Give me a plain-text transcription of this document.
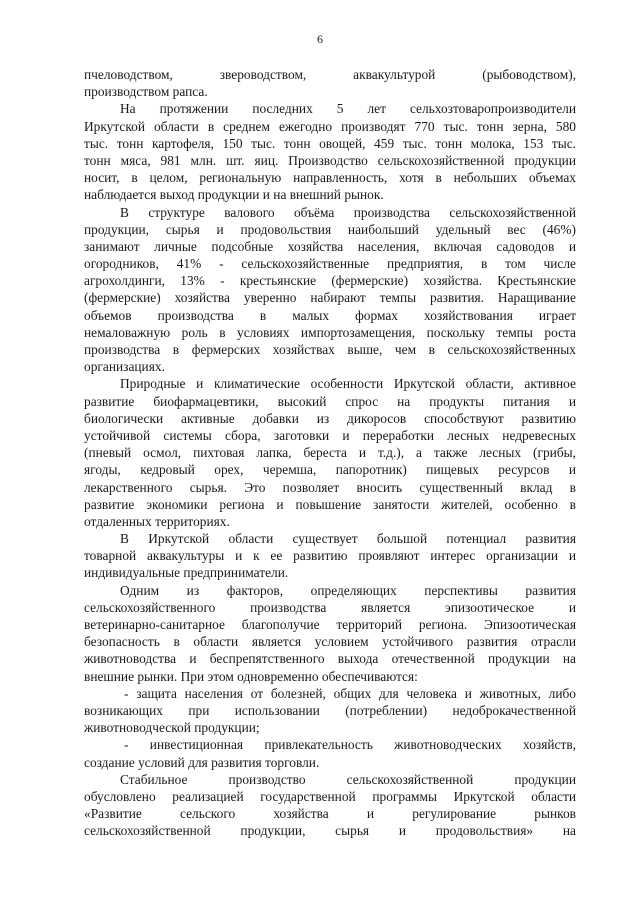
6
пчеловодством, звероводством, аквакультурой (рыбоводством),
производством рапса.
На протяжении последних 5 лет сельхозтоваропроизводители
Иркутской области в среднем ежегодно производят 770 тыс. тонн зерна, 580
тыс. тонн картофеля, 150 тыс. тонн овощей, 459 тыс. тонн молока, 153 тыс.
тонн мяса, 981 млн. шт. яиц. Производство сельскохозяйственной продукции
носит, в целом, региональную направленность, хотя в небольших объемах
наблюдается выход продукции и на внешний рынок.
В структуре валового объёма производства сельскохозяйственной
продукции, сырья и продовольствия наибольший удельный вес (46%)
занимают личные подсобные хозяйства населения, включая садоводов и
огородников, 41% - сельскохозяйственные предприятия, в том числе
агрохолдинги, 13% - крестьянские (фермерские) хозяйства. Крестьянские
(фермерские) хозяйства уверенно набирают темпы развития. Наращивание
объемов производства в малых формах хозяйствования играет
немаловажную роль в условиях импортозамещения, поскольку темпы роста
производства в фермерских хозяйствах выше, чем в сельскохозяйственных
организациях.
Природные и климатические особенности Иркутской области, активное
развитие биофармацевтики, высокий спрос на продукты питания и
биологически активные добавки из дикоросов способствуют развитию
устойчивой системы сбора, заготовки и переработки лесных недревесных
(пневый осмол, пихтовая лапка, береста и т.д.), а также лесных (грибы,
ягоды, кедровый орех, черемша, папоротник) пищевых ресурсов и
лекарственного сырья. Это позволяет вносить существенный вклад в
развитие экономики региона и повышение занятости жителей, особенно в
отдаленных территориях.
В Иркутской области существует большой потенциал развития
товарной аквакультуры и к ее развитию проявляют интерес организации и
индивидуальные предприниматели.
Одним из факторов, определяющих перспективы развития
сельскохозяйственного производства является эпизоотическое и
ветеринарно-санитарное благополучие территорий региона. Эпизоотическая
безопасность в области является условием устойчивого развития отрасли
животноводства и беспрепятственного выхода отечественной продукции на
внешние рынки. При этом одновременно обеспечиваются:
- защита населения от болезней, общих для человека и животных, либо
возникающих при использовании (потреблении) недоброкачественной
животноводческой продукции;
- инвестиционная привлекательность животноводческих хозяйств,
создание условий для развития торговли.
Стабильное производство сельскохозяйственной продукции
обусловлено реализацией государственной программы Иркутской области
«Развитие сельского хозяйства и регулирование рынков
сельскохозяйственной продукции, сырья и продовольствия» на
